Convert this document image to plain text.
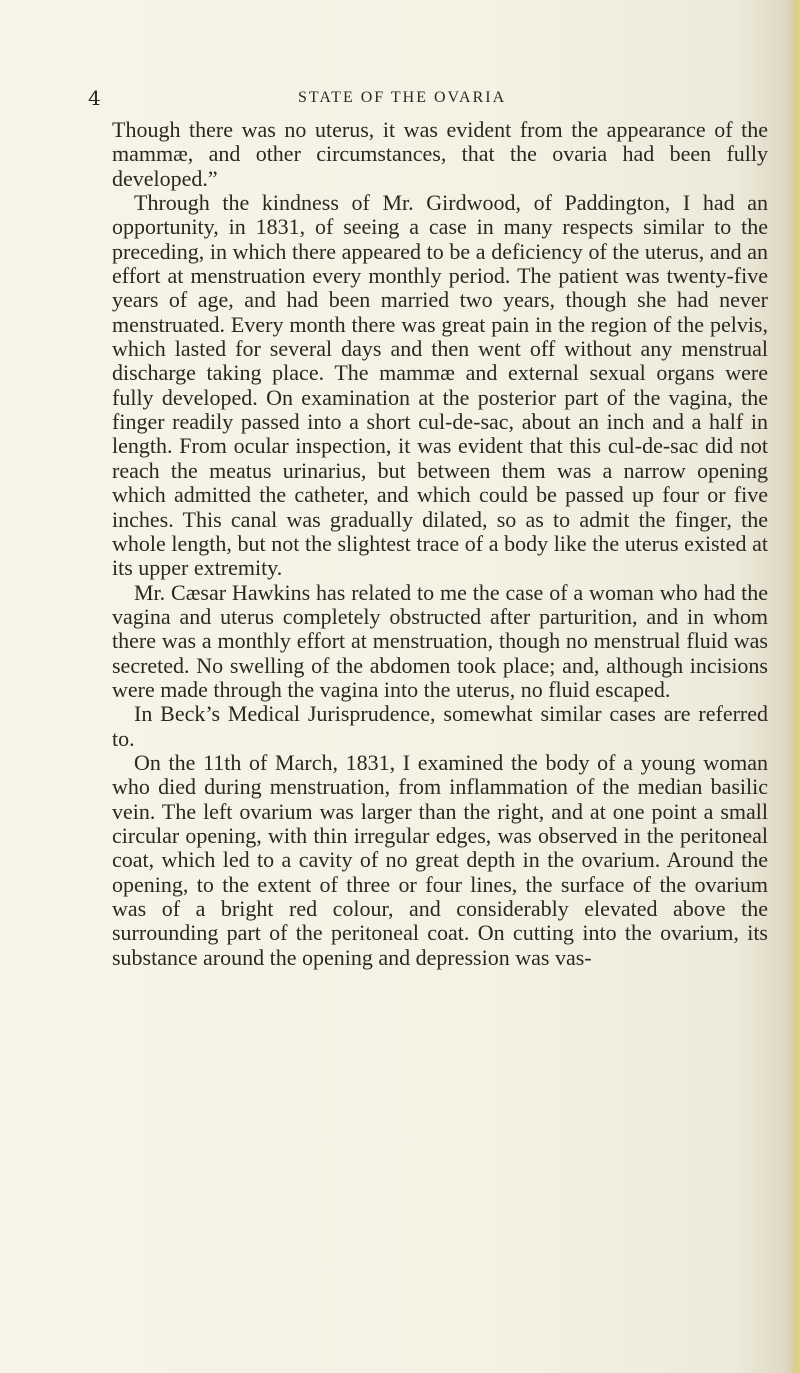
4	STATE OF THE OVARIA

Though there was no uterus, it was evident from the appearance of the mammæ, and other circumstances, that the ovaria had been fully developed.”

Through the kindness of Mr. Girdwood, of Paddington, I had an opportunity, in 1831, of seeing a case in many respects similar to the preceding, in which there appeared to be a deficiency of the uterus, and an effort at menstruation every monthly period. The patient was twenty-five years of age, and had been married two years, though she had never menstruated. Every month there was great pain in the region of the pelvis, which lasted for several days and then went off without any menstrual discharge taking place. The mammæ and external sexual organs were fully developed. On examination at the posterior part of the vagina, the finger readily passed into a short cul-de-sac, about an inch and a half in length. From ocular inspection, it was evident that this cul-de-sac did not reach the meatus urinarius, but between them was a narrow opening which admitted the catheter, and which could be passed up four or five inches. This canal was gradually dilated, so as to admit the finger, the whole length, but not the slightest trace of a body like the uterus existed at its upper extremity.

Mr. Cæsar Hawkins has related to me the case of a woman who had the vagina and uterus completely obstructed after parturition, and in whom there was a monthly effort at menstruation, though no menstrual fluid was secreted. No swelling of the abdomen took place; and, although incisions were made through the vagina into the uterus, no fluid escaped.

In Beck’s Medical Jurisprudence, somewhat similar cases are referred to.

On the 11th of March, 1831, I examined the body of a young woman who died during menstruation, from inflammation of the median basilic vein. The left ovarium was larger than the right, and at one point a small circular opening, with thin irregular edges, was observed in the peritoneal coat, which led to a cavity of no great depth in the ovarium. Around the opening, to the extent of three or four lines, the surface of the ovarium was of a bright red colour, and considerably elevated above the surrounding part of the peritoneal coat. On cutting into the ovarium, its substance around the opening and depression was vas-
